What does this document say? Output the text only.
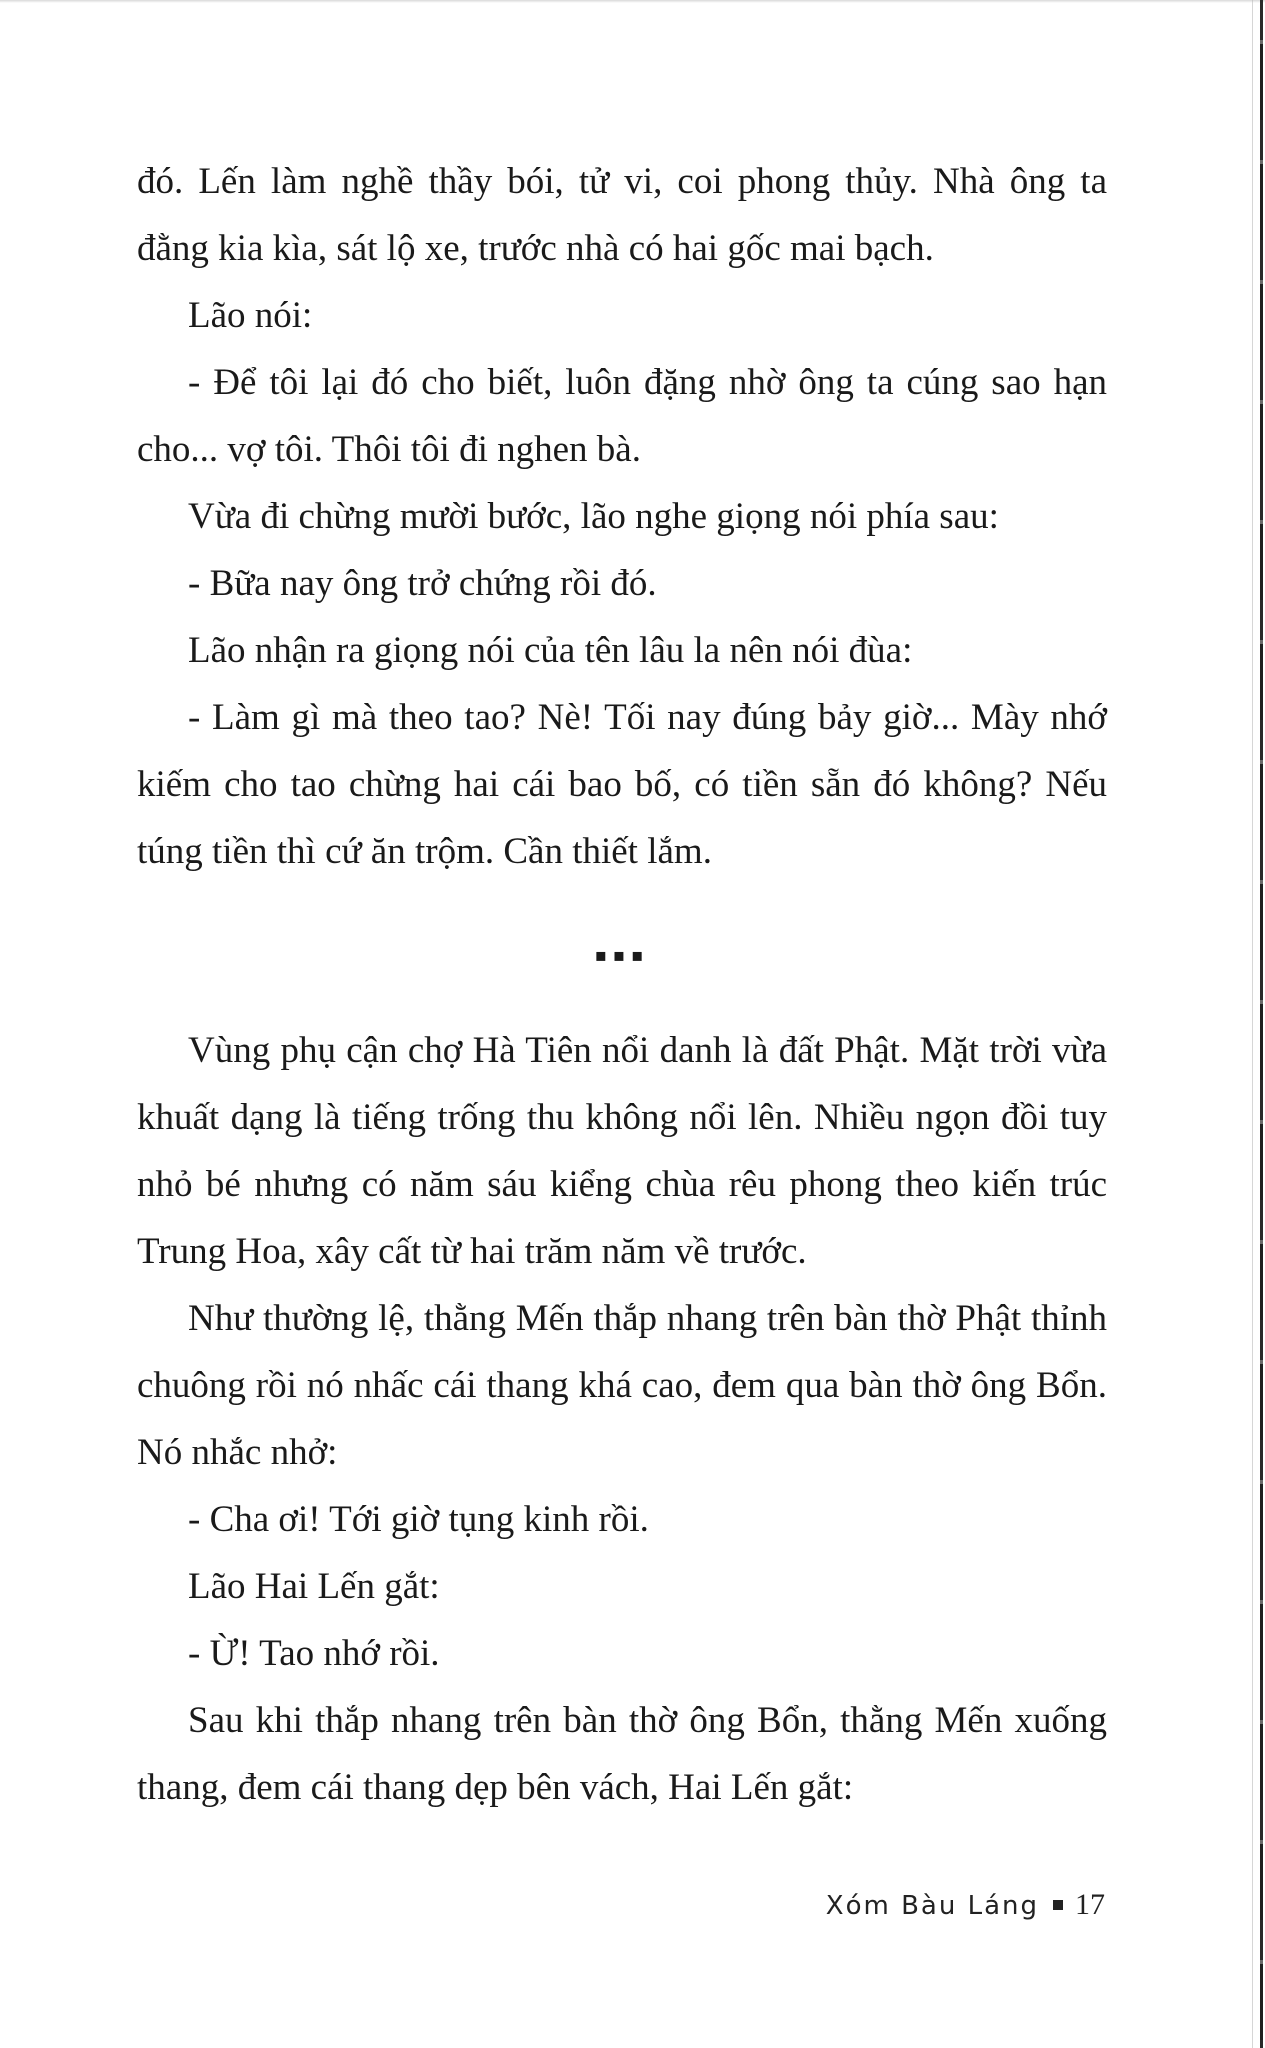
đó. Lến làm nghề thầy bói, tử vi, coi phong thủy. Nhà ông ta đằng kia kìa, sát lộ xe, trước nhà có hai gốc mai bạch.

Lão nói:

- Để tôi lại đó cho biết, luôn đặng nhờ ông ta cúng sao hạn cho... vợ tôi. Thôi tôi đi nghen bà.

Vừa đi chừng mười bước, lão nghe giọng nói phía sau:

- Bữa nay ông trở chứng rồi đó.

Lão nhận ra giọng nói của tên lâu la nên nói đùa:

- Làm gì mà theo tao? Nè! Tối nay đúng bảy giờ... Mày nhớ kiếm cho tao chừng hai cái bao bố, có tiền sẵn đó không? Nếu túng tiền thì cứ ăn trộm. Cần thiết lắm.

▪▪▪

Vùng phụ cận chợ Hà Tiên nổi danh là đất Phật. Mặt trời vừa khuất dạng là tiếng trống thu không nổi lên. Nhiều ngọn đồi tuy nhỏ bé nhưng có năm sáu kiểng chùa rêu phong theo kiến trúc Trung Hoa, xây cất từ hai trăm năm về trước.

Như thường lệ, thằng Mến thắp nhang trên bàn thờ Phật thỉnh chuông rồi nó nhấc cái thang khá cao, đem qua bàn thờ ông Bổn. Nó nhắc nhở:

- Cha ơi! Tới giờ tụng kinh rồi.

Lão Hai Lến gắt:

- Ừ! Tao nhớ rồi.

Sau khi thắp nhang trên bàn thờ ông Bổn, thằng Mến xuống thang, đem cái thang dẹp bên vách, Hai Lến gắt:

Xóm Bàu Láng 17
